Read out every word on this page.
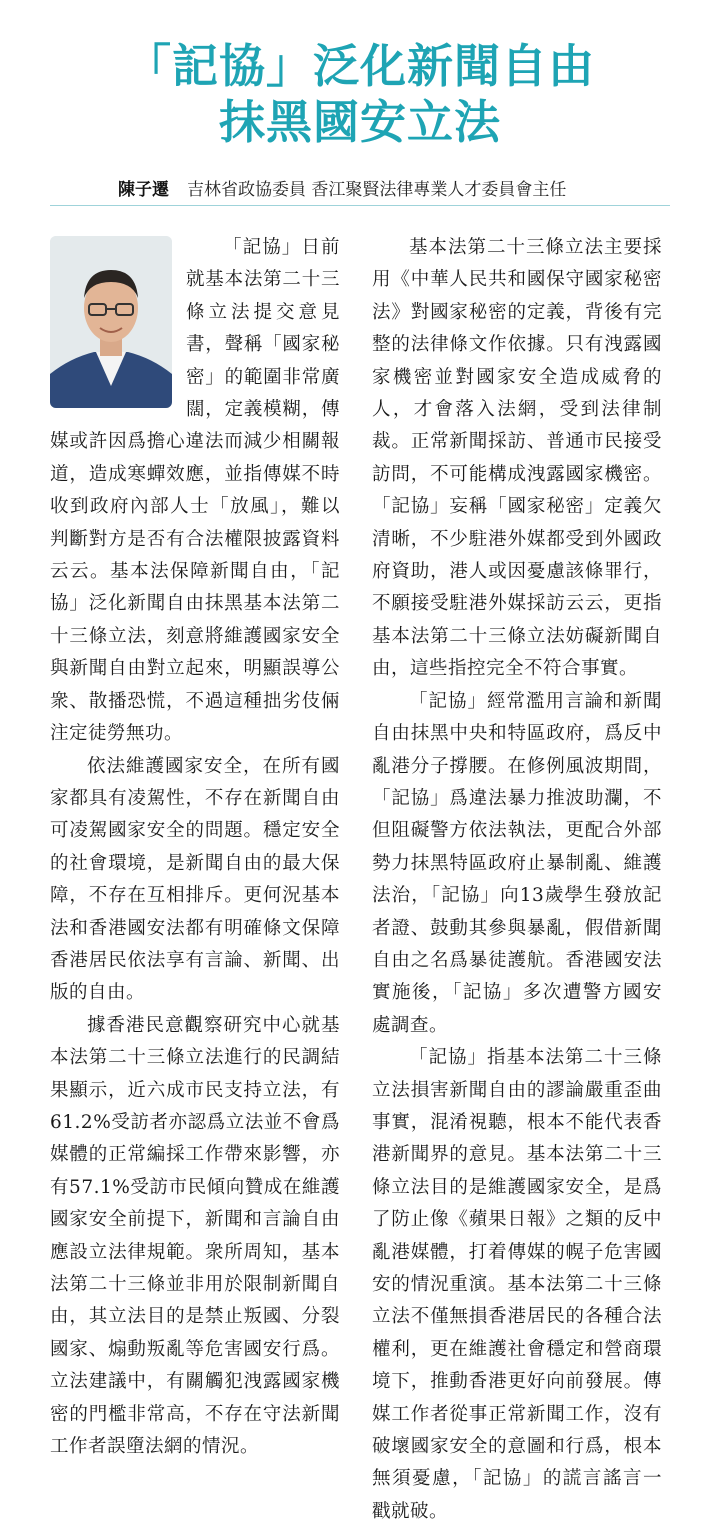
「記協」泛化新聞自由
抹黑國安立法
陳子遷 吉林省政協委員 香江聚賢法律專業人才委員會主任

「記協」日前就基本法第二十三條立法提交意見書，聲稱「國家秘密」的範圍非常廣闊，定義模糊，傳媒或許因爲擔心違法而減少相關報道，造成寒蟬效應，並指傳媒不時收到政府內部人士「放風」，難以判斷對方是否有合法權限披露資料云云。基本法保障新聞自由，「記協」泛化新聞自由抹黑基本法第二十三條立法，刻意將維護國家安全與新聞自由對立起來，明顯誤導公衆、散播恐慌，不過這種拙劣伎倆注定徒勞無功。

依法維護國家安全，在所有國家都具有凌駕性，不存在新聞自由可凌駕國家安全的問題。穩定安全的社會環境，是新聞自由的最大保障，不存在互相排斥。更何況基本法和香港國安法都有明確條文保障香港居民依法享有言論、新聞、出版的自由。

據香港民意觀察研究中心就基本法第二十三條立法進行的民調結果顯示，近六成市民支持立法，有61.2%受訪者亦認爲立法並不會爲媒體的正常編採工作帶來影響，亦有57.1%受訪市民傾向贊成在維護國家安全前提下，新聞和言論自由應設立法律規範。衆所周知，基本法第二十三條並非用於限制新聞自由，其立法目的是禁止叛國、分裂國家、煽動叛亂等危害國安行爲。立法建議中，有關觸犯洩露國家機密的門檻非常高，不存在守法新聞工作者誤墮法網的情況。

基本法第二十三條立法主要採用《中華人民共和國保守國家秘密法》對國家秘密的定義，背後有完整的法律條文作依據。只有洩露國家機密並對國家安全造成威脅的人，才會落入法網，受到法律制裁。正常新聞採訪、普通市民接受訪問，不可能構成洩露國家機密。「記協」妄稱「國家秘密」定義欠清晰，不少駐港外媒都受到外國政府資助，港人或因憂慮該條罪行，不願接受駐港外媒採訪云云，更指基本法第二十三條立法妨礙新聞自由，這些指控完全不符合事實。

「記協」經常濫用言論和新聞自由抹黑中央和特區政府，爲反中亂港分子撐腰。在修例風波期間，「記協」爲違法暴力推波助瀾，不但阻礙警方依法執法，更配合外部勢力抹黑特區政府止暴制亂、維護法治，「記協」向13歲學生發放記者證、鼓動其參與暴亂，假借新聞自由之名爲暴徒護航。香港國安法實施後，「記協」多次遭警方國安處調查。

「記協」指基本法第二十三條立法損害新聞自由的謬論嚴重歪曲事實，混淆視聽，根本不能代表香港新聞界的意見。基本法第二十三條立法目的是維護國家安全，是爲了防止像《蘋果日報》之類的反中亂港媒體，打着傳媒的幌子危害國安的情況重演。基本法第二十三條立法不僅無損香港居民的各種合法權利，更在維護社會穩定和營商環境下，推動香港更好向前發展。傳媒工作者從事正常新聞工作，沒有破壞國家安全的意圖和行爲，根本無須憂慮，「記協」的謊言謠言一戳就破。
